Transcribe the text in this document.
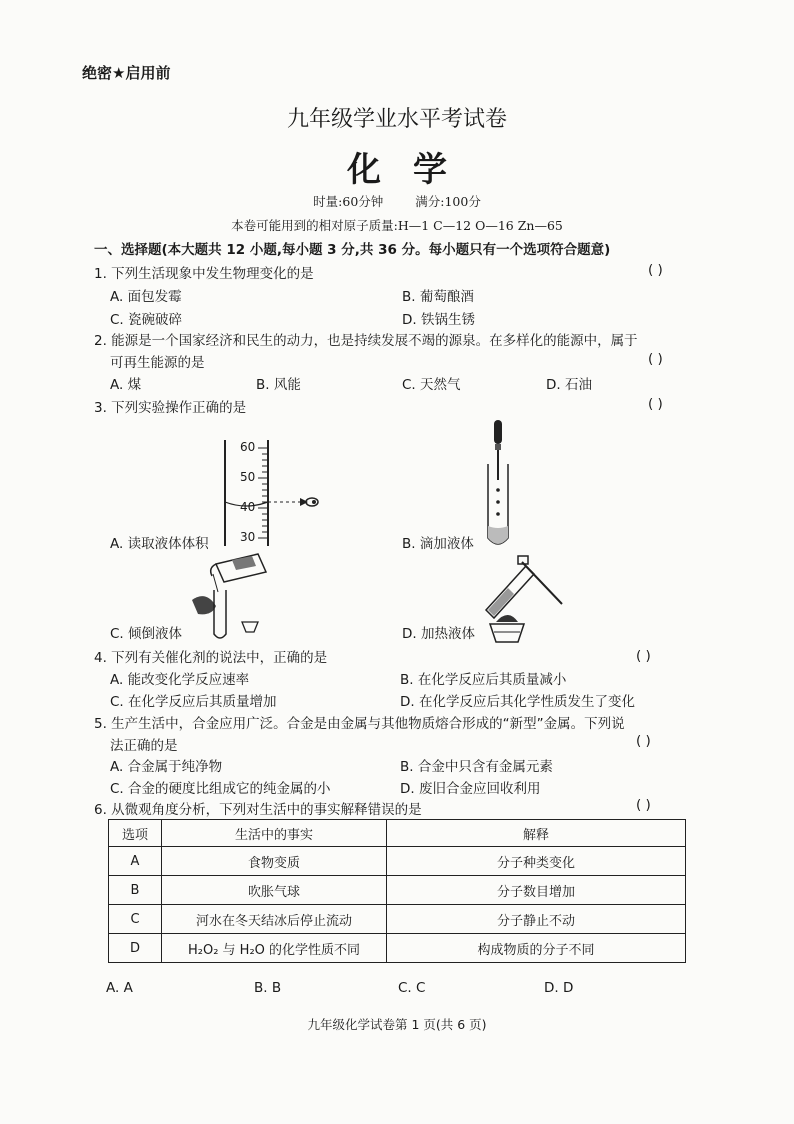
绝密★启用前
九年级学业水平考试卷
化学
时量:60分钟 满分:100分
本卷可能用到的相对原子质量:H—1 C—12 O—16 Zn—65
一、选择题(本大题共 12 小题,每小题 3 分,共 36 分。每小题只有一个选项符合题意)
1. 下列生活现象中发生物理变化的是	( )
A. 面包发霉	B. 葡萄酿酒
C. 瓷碗破碎	D. 铁锅生锈
2. 能源是一个国家经济和民生的动力，也是持续发展不竭的源泉。在多样化的能源中，属于
可再生能源的是	( )
A. 煤	B. 风能	C. 天然气	D. 石油
3. 下列实验操作正确的是	( )
60
50
40
30
A. 读取液体体积	B. 滴加液体
C. 倾倒液体	D. 加热液体
4. 下列有关催化剂的说法中，正确的是	( )
A. 能改变化学反应速率	B. 在化学反应后其质量减小
C. 在化学反应后其质量增加	D. 在化学反应后其化学性质发生了变化
5. 生产生活中，合金应用广泛。合金是由金属与其他物质熔合形成的“新型”金属。下列说
法正确的是	( )
A. 合金属于纯净物	B. 合金中只含有金属元素
C. 合金的硬度比组成它的纯金属的小	D. 废旧合金应回收利用
6. 从微观角度分析，下列对生活中的事实解释错误的是	( )
选项	生活中的事实	解释
A	食物变质	分子种类变化
B	吹胀气球	分子数目增加
C	河水在冬天结冰后停止流动	分子静止不动
D	H₂O₂ 与 H₂O 的化学性质不同	构成物质的分子不同
A. A	B. B	C. C	D. D
九年级化学试卷第 1 页(共 6 页)
